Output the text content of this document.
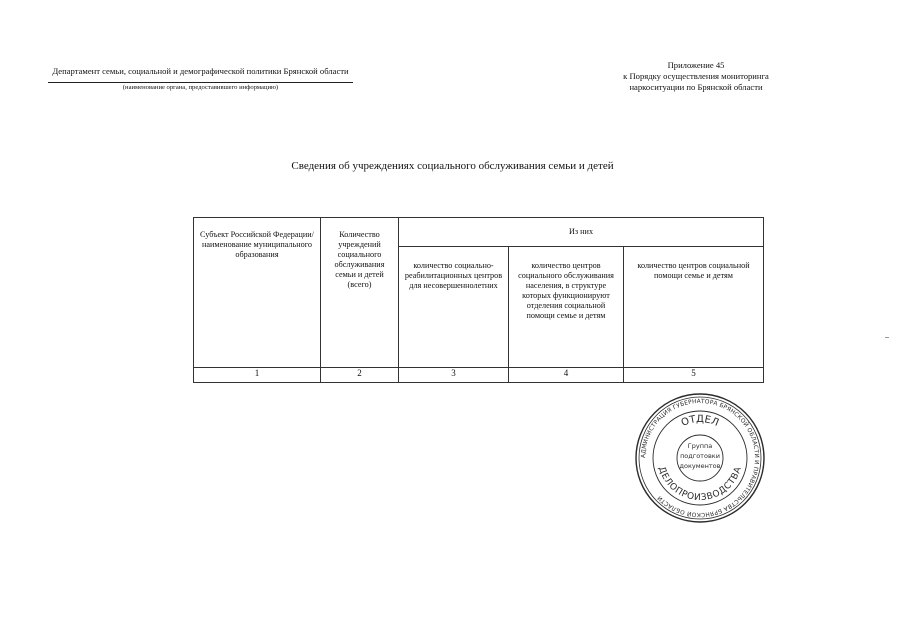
Департамент семьи, социальной и демографической политики Брянской области
(наименование органа, предоставившего информацию)
Приложение 45
к Порядку осуществления мониторинга наркоситуации по Брянской области
Сведения об учреждениях социального обслуживания семьи и детей
Субъект Российской Федерации/ наименование муниципального образования	Количество учреждений социального обслуживания семьи и детей (всего)	Из них		
		количество социально-реабилитационных центров для несовершеннолетних	количество центров социального обслуживания населения, в структуре которых функционируют отделения социальной помощи семье и детям	количество центров социальной помощи семье и детям
1	2	3	4	5
АДМИНИСТРАЦИЯ ГУБЕРНАТОРА БРЯНСКОЙ ОБЛАСТИ И ПРАВИТЕЛЬСТВА БРЯНСКОЙ ОБЛАСТИ
ОТДЕЛ
ДЕЛОПРОИЗВОДСТВА
Группа
подготовки
документов
